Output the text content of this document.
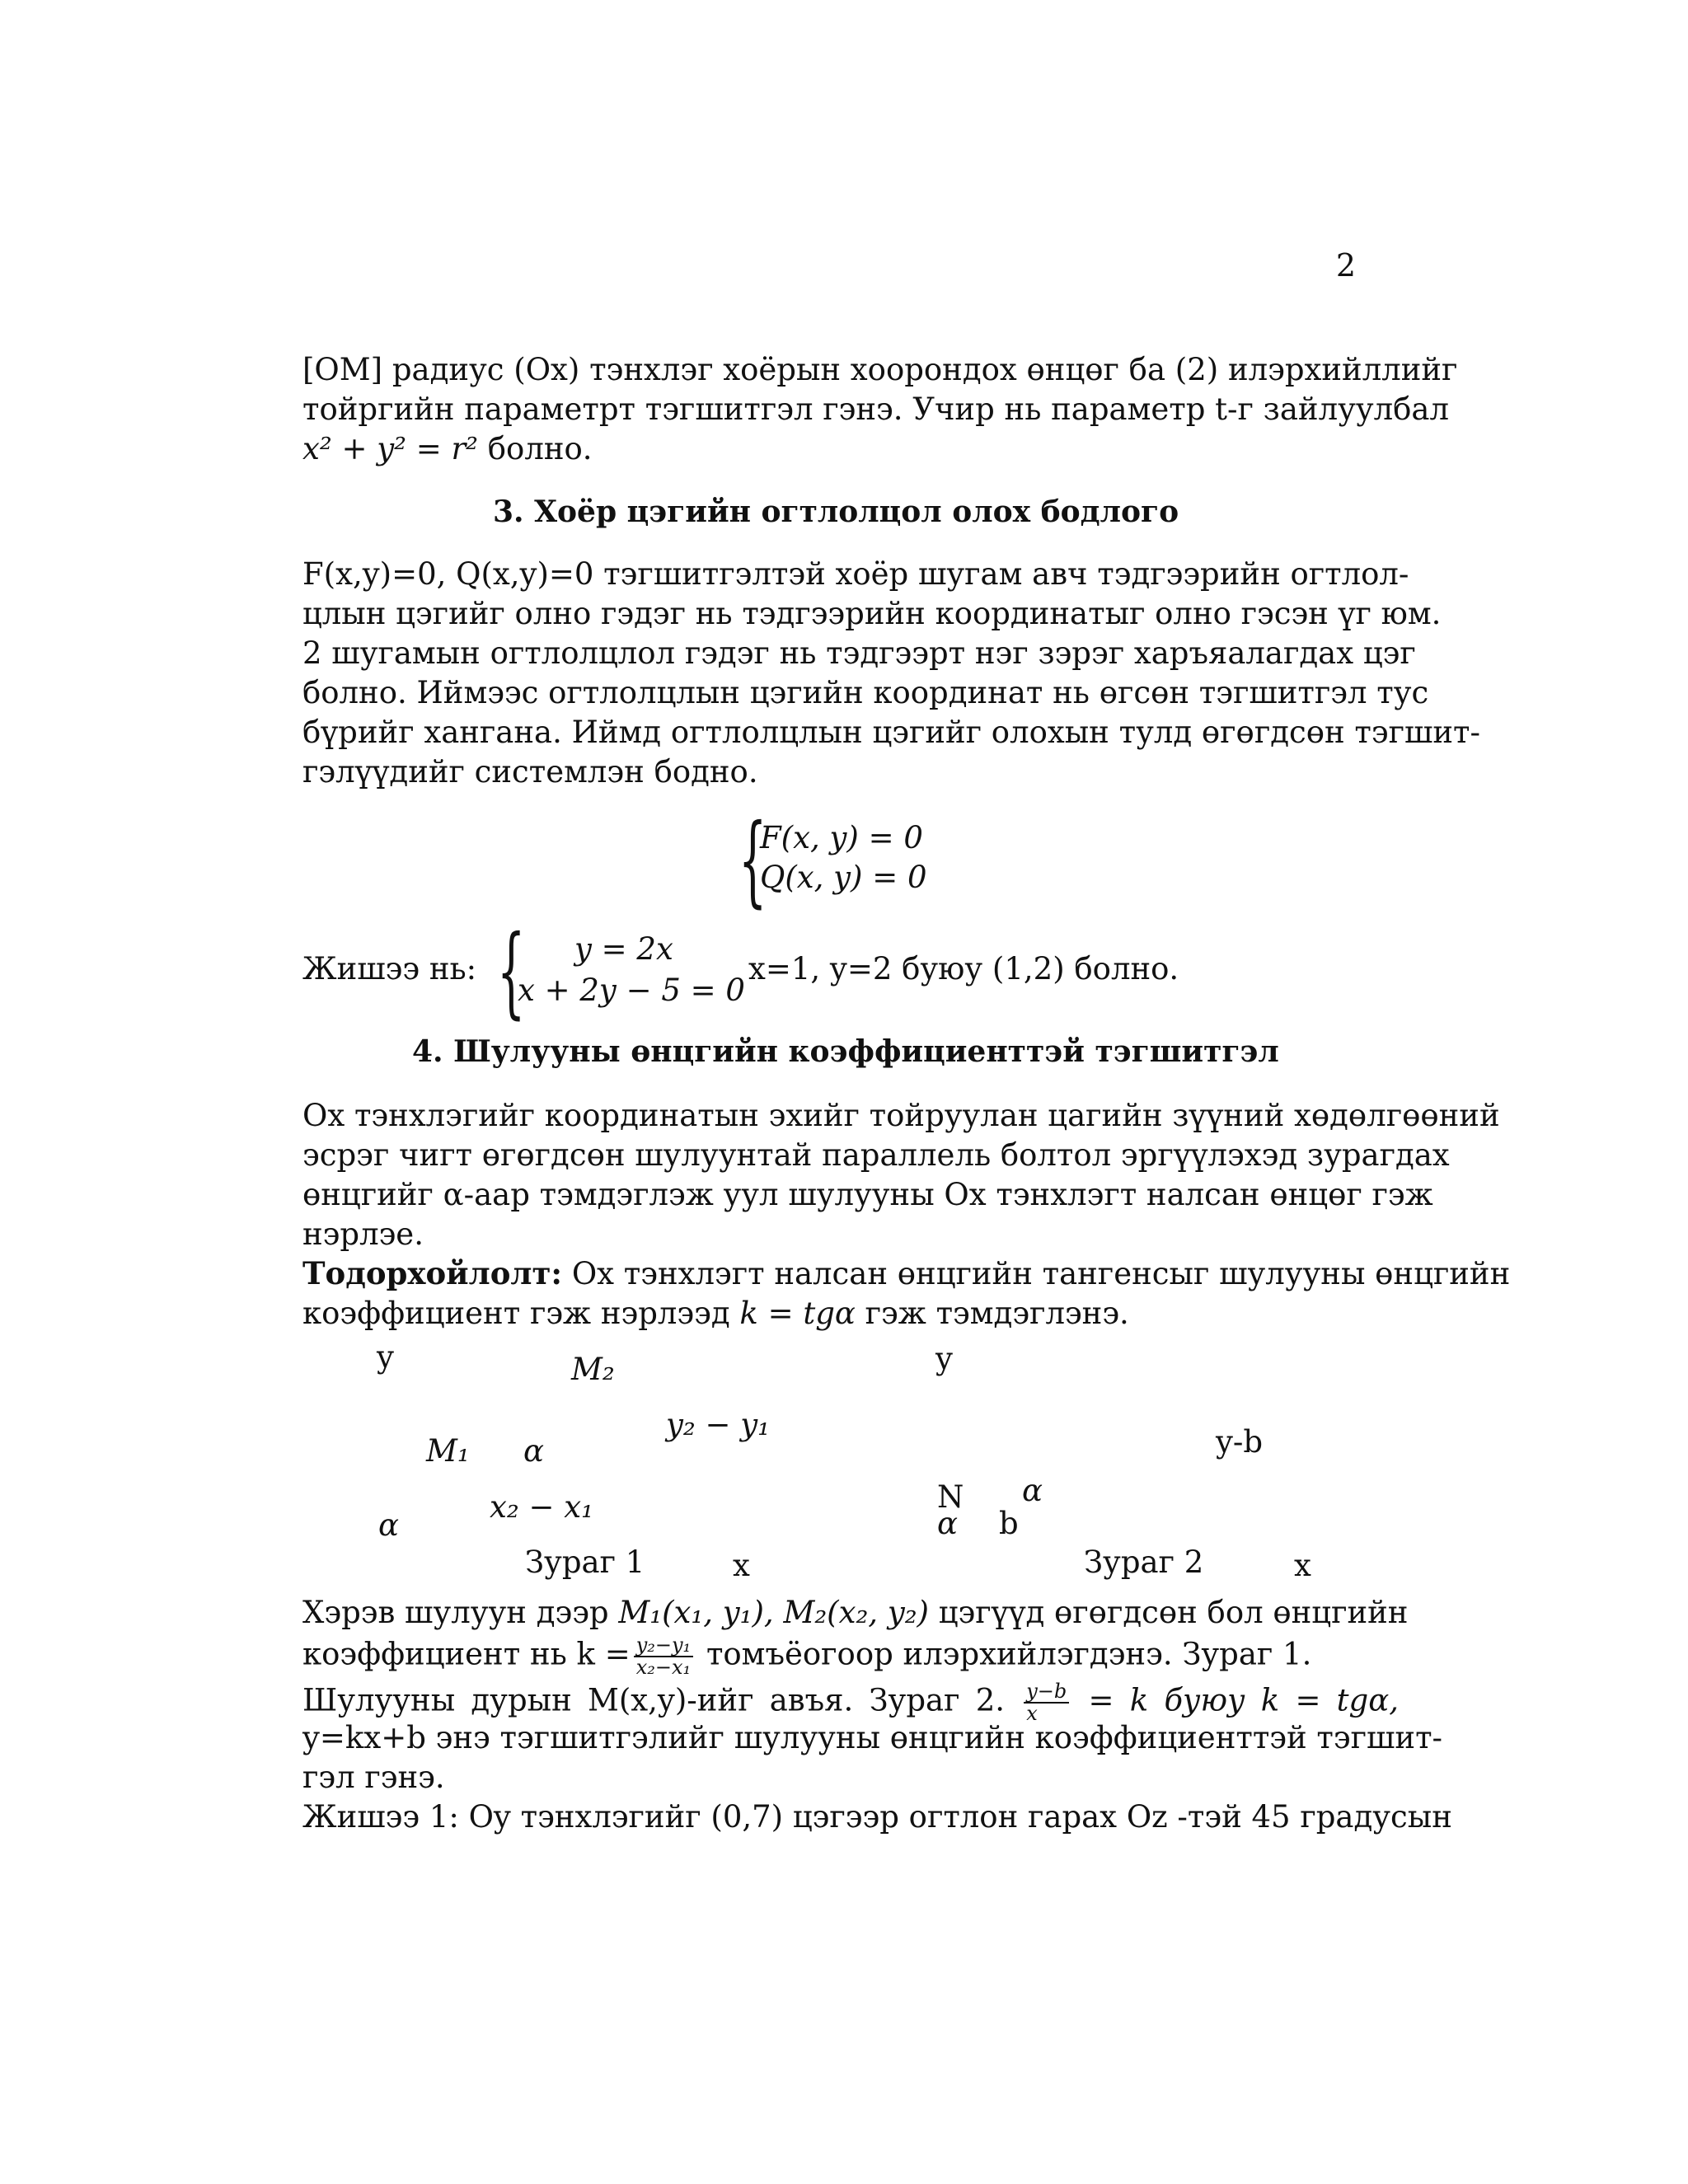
2
[OM] радиус (Ox) тэнхлэг хоёрын хоорондох өнцөг ба (2) илэрхийллийг
тойргийн параметрт тэгшитгэл гэнэ. Учир нь параметр t-г зайлуулбал
x² + y² = r² болно.
3. Хоёр цэгийн огтлолцол олох бодлого
F(x,y)=0, Q(x,y)=0 тэгшитгэлтэй хоёр шугам авч тэдгээрийн огтлол-
цлын цэгийг олно гэдэг нь тэдгээрийн координатыг олно гэсэн үг юм.
2 шугамын огтлолцлол гэдэг нь тэдгээрт нэг зэрэг харъяалагдах цэг
болно. Иймээс огтлолцлын цэгийн координат нь өгсөн тэгшитгэл тус
бүрийг хангана. Иймд огтлолцлын цэгийг олохын тулд өгөгдсөн тэгшит-
гэлүүдийг системлэн бодно.
{
F(x, y) = 0
Q(x, y) = 0
Жишээ нь: {	y = 2x
x + 2y − 5 = 0
x=1, y=2 буюу (1,2) болно.
4. Шулууны өнцгийн коэффициенттэй тэгшитгэл
Ox тэнхлэгийг координатын эхийг тойруулан цагийн зүүний хөдөлгөөний
эсрэг чигт өгөгдсөн шулуунтай параллель болтол эргүүлэхэд зурагдах
өнцгийг α-аар тэмдэглэж уул шулууны Ox тэнхлэгт налсан өнцөг гэж
нэрлэе.
Тодорхойлолт: Ox тэнхлэгт налсан өнцгийн тангенсыг шулууны өнцгийн
коэффициент гэж нэрлээд k = tgα гэж тэмдэглэнэ.
y	M₂
y₂ − y₁
M₁ α
x₂ − x₁
α
Зураг 1	x
y
y-b
N α
α b
Зураг 2	x
Хэрэв шулуун дээр M₁(x₁, y₁), M₂(x₂, y₂) цэгүүд өгөгдсөн бол өнцгийн
коэффициент нь $k = \frac{\text{y₂−y₁}}{\text{x₂−x₁}}$ томъёогоор илэрхийлэгдэнэ. Зураг 1.
Шулууны дурын M(x,y)-ийг авъя. Зураг 2. $\frac{y-b}{x} = k$ буюу k = tgα,
y=kx+b энэ тэгшитгэлийг шулууны өнцгийн коэффициенттэй тэгшит-
гэл гэнэ.
Жишээ 1: Oy тэнхлэгийг (0,7) цэгээр огтлон гарах Oz -тэй 45 градусын
